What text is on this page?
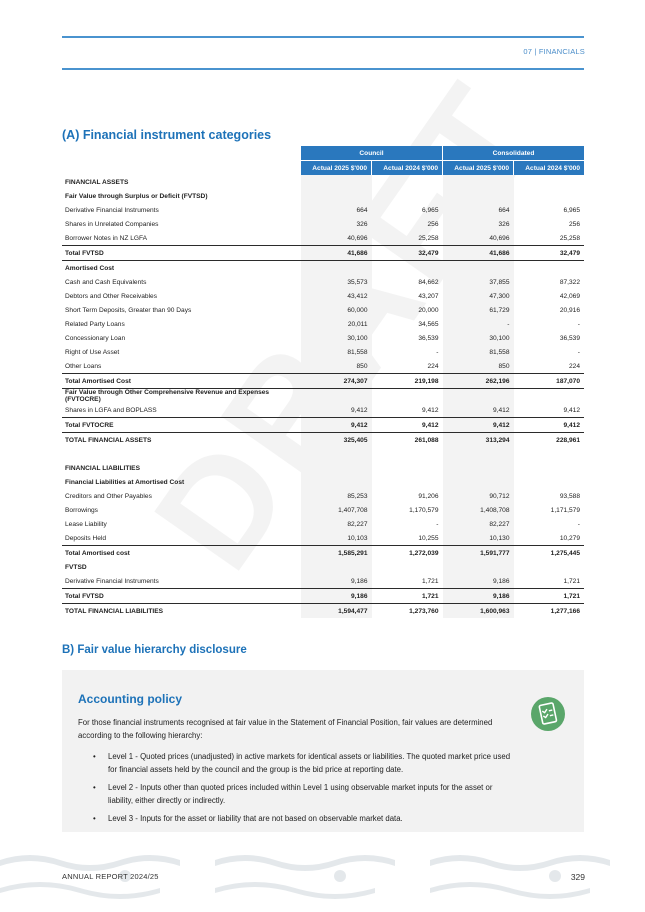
07 | FINANCIALS
(A) Financial instrument categories
	Council		Consolidated	
	Actual 2025 $'000	Actual 2024 $'000	Actual 2025 $'000	Actual 2024 $'000
FINANCIAL ASSETS				
Fair Value through Surplus or Deficit (FVTSD)				
Derivative Financial Instruments	664	6,965	664	6,965
Shares in Unrelated Companies	326	256	326	256
Borrower Notes in NZ LGFA	40,696	25,258	40,696	25,258
Total FVTSD	41,686	32,479	41,686	32,479
Amortised Cost				
Cash and Cash Equivalents	35,573	84,662	37,855	87,322
Debtors and Other Receivables	43,412	43,207	47,300	42,069
Short Term Deposits, Greater than 90 Days	60,000	20,000	61,729	20,916
Related Party Loans	20,011	34,565	-	-
Concessionary Loan	30,100	36,539	30,100	36,539
Right of Use Asset	81,558	-	81,558	-
Other Loans	850	224	850	224
Total Amortised Cost	274,307	219,198	262,196	187,070
Fair Value through Other Comprehensive Revenue and Expenses (FVTOCRE)				
Shares in LGFA and BOPLASS	9,412	9,412	9,412	9,412
Total FVTOCRE	9,412	9,412	9,412	9,412
TOTAL FINANCIAL ASSETS	325,405	261,088	313,294	228,961

FINANCIAL LIABILITIES				
Financial Liabilities at Amortised Cost				
Creditors and Other Payables	85,253	91,206	90,712	93,588
Borrowings	1,407,708	1,170,579	1,408,708	1,171,579
Lease Liability	82,227	-	82,227	-
Deposits Held	10,103	10,255	10,130	10,279
Total Amortised cost	1,585,291	1,272,039	1,591,777	1,275,445
FVTSD				
Derivative Financial Instruments	9,186	1,721	9,186	1,721
Total FVTSD	9,186	1,721	9,186	1,721
TOTAL FINANCIAL LIABILITIES	1,594,477	1,273,760	1,600,963	1,277,166
B) Fair value hierarchy disclosure
Accounting policy

For those financial instruments recognised at fair value in the Statement of Financial Position, fair values are determined according to the following hierarchy:

• Level 1 - Quoted prices (unadjusted) in active markets for identical assets or liabilities. The quoted market price used for financial assets held by the council and the group is the bid price at reporting date.
• Level 2 - Inputs other than quoted prices included within Level 1 using observable market inputs for the asset or liability, either directly or indirectly.
• Level 3 - Inputs for the asset or liability that are not based on observable market data.
ANNUAL REPORT 2024/25	329
